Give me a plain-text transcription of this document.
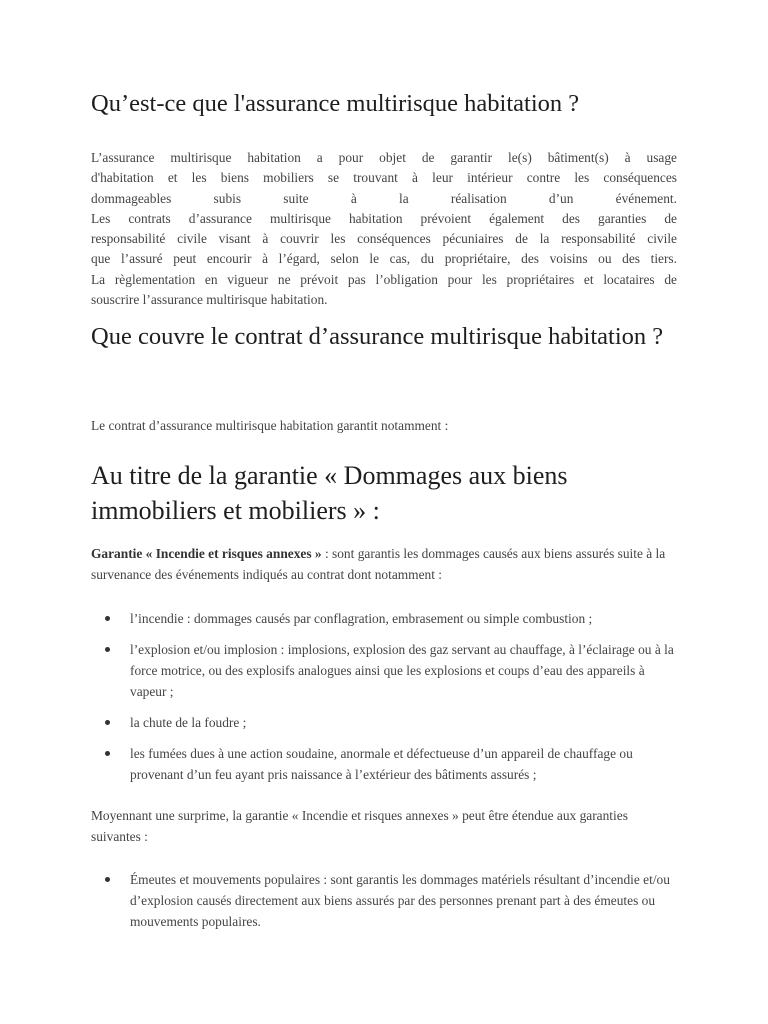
Qu’est-ce que l'assurance multirisque habitation ?

L’assurance multirisque habitation a pour objet de garantir le(s) bâtiment(s) à usage
d'habitation et les biens mobiliers se trouvant à leur intérieur contre les conséquences
dommageables subis suite à la réalisation d’un événement.
Les contrats d’assurance multirisque habitation prévoient également des garanties de
responsabilité civile visant à couvrir les conséquences pécuniaires de la responsabilité civile
que l’assuré peut encourir à l’égard, selon le cas, du propriétaire, des voisins ou des tiers.
La règlementation en vigueur ne prévoit pas l’obligation pour les propriétaires et locataires de
souscrire l’assurance multirisque habitation.

Que couvre le contrat d’assurance multirisque habitation ?

Le contrat d’assurance multirisque habitation garantit notamment :

Au titre de la garantie « Dommages aux biens immobiliers et mobiliers » :

Garantie « Incendie et risques annexes » : sont garantis les dommages causés aux biens assurés suite à la survenance des événements indiqués au contrat dont notamment :

l’incendie : dommages causés par conflagration, embrasement ou simple combustion ;
l’explosion et/ou implosion : implosions, explosion des gaz servant au chauffage, à l’éclairage ou à la force motrice, ou des explosifs analogues ainsi que les explosions et coups d’eau des appareils à vapeur ;
la chute de la foudre ;
les fumées dues à une action soudaine, anormale et défectueuse d’un appareil de chauffage ou provenant d’un feu ayant pris naissance à l’extérieur des bâtiments assurés ;

Moyennant une surprime, la garantie « Incendie et risques annexes » peut être étendue aux garanties suivantes :

Émeutes et mouvements populaires : sont garantis les dommages matériels résultant d’incendie et/ou d’explosion causés directement aux biens assurés par des personnes prenant part à des émeutes ou mouvements populaires.
